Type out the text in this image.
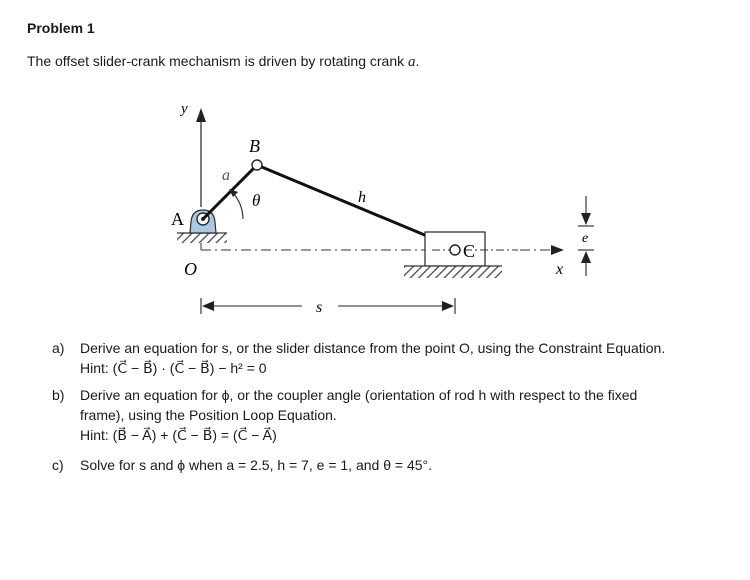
Problem 1
The offset slider-crank mechanism is driven by rotating crank a.
y
A
O
a
θ	h
B
C
x
e
s
a) Derive an equation for s, or the slider distance from the point O, using the Constraint Equation.
Hint: (C⃗ − B⃗) · (C⃗ − B⃗) − h² = 0
b) Derive an equation for ϕ, or the coupler angle (orientation of rod h with respect to the fixed
frame), using the Position Loop Equation.
Hint: (B⃗ − A⃗) + (C⃗ − B⃗) = (C⃗ − A⃗)
c) Solve for s and ϕ when a = 2.5, h = 7, e = 1, and θ = 45°.
